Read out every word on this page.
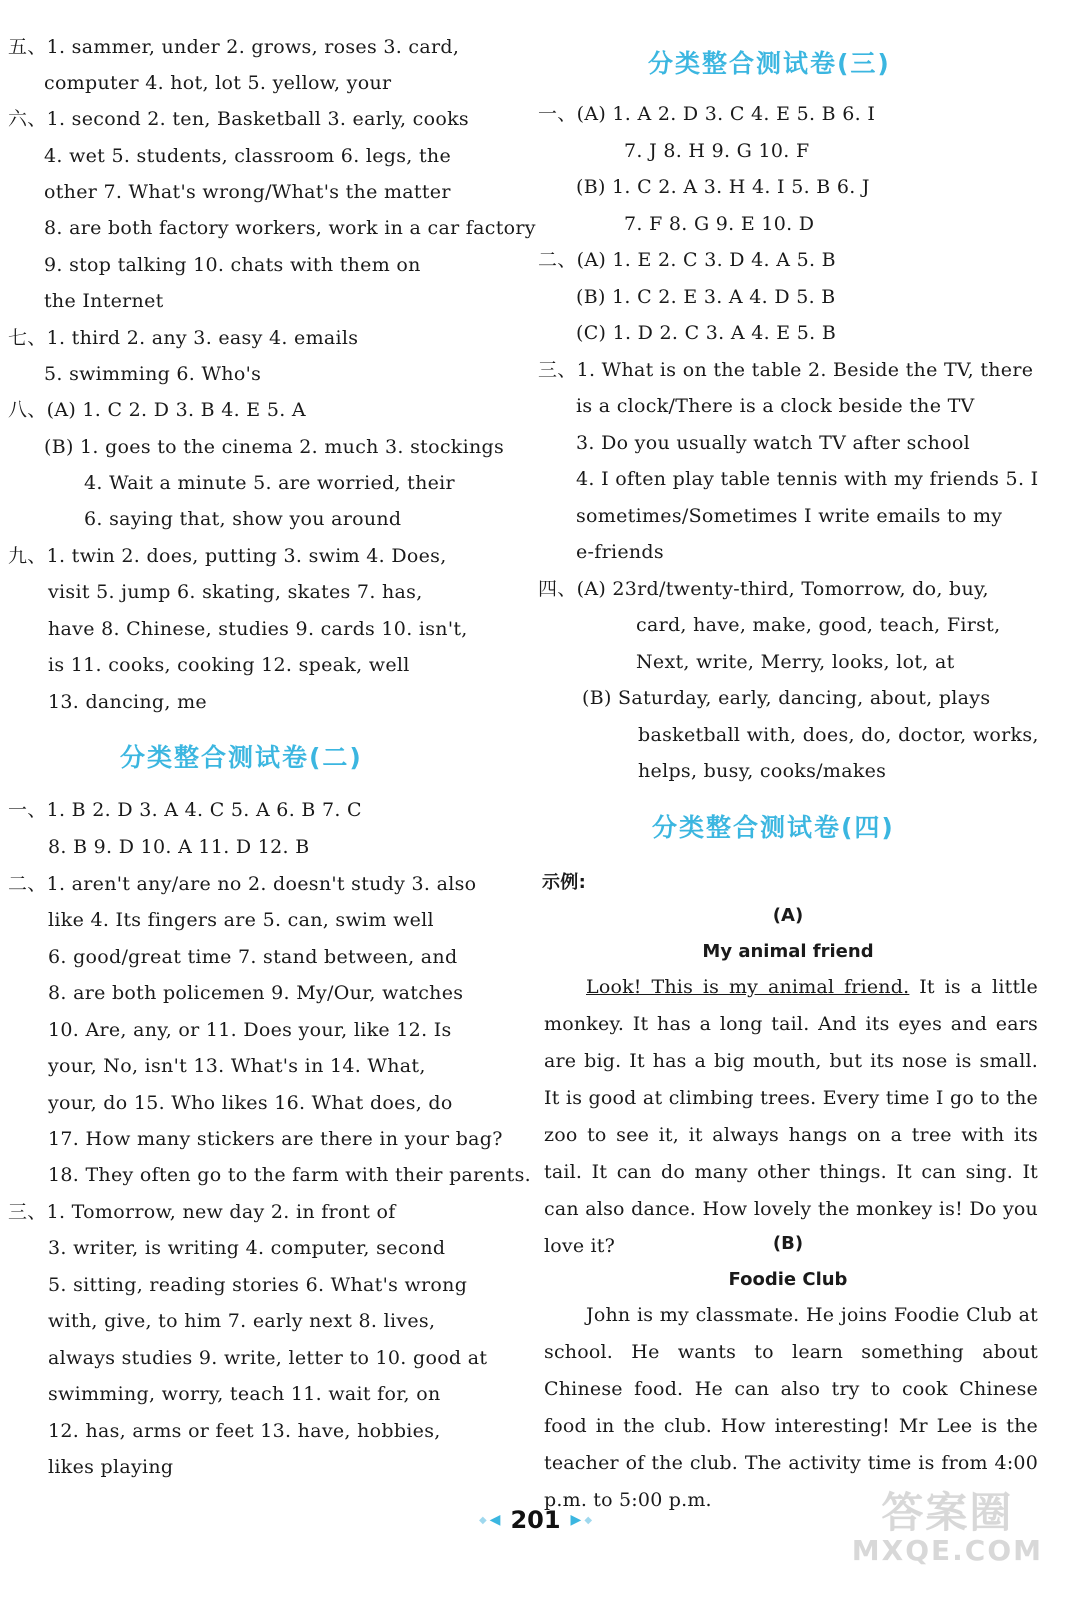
五、1. sammer, under 2. grows, roses 3. card,
computer 4. hot, lot 5. yellow, your
六、1. second 2. ten, Basketball 3. early, cooks
4. wet 5. students, classroom 6. legs, the
other 7. What's wrong/What's the matter
8. are both factory workers, work in a car factory
9. stop talking 10. chats with them on
the Internet
七、1. third 2. any 3. easy 4. emails
5. swimming 6. Who's
八、(A) 1. C 2. D 3. B 4. E 5. A
(B) 1. goes to the cinema 2. much 3. stockings
4. Wait a minute 5. are worried, their
6. saying that, show you around
九、1. twin 2. does, putting 3. swim 4. Does,
visit 5. jump 6. skating, skates 7. has,
have 8. Chinese, studies 9. cards 10. isn't,
is 11. cooks, cooking 12. speak, well
13. dancing, me
分类整合测试卷(二)
一、1. B 2. D 3. A 4. C 5. A 6. B 7. C
8. B 9. D 10. A 11. D 12. B
二、1. aren't any/are no 2. doesn't study 3. also
like 4. Its fingers are 5. can, swim well
6. good/great time 7. stand between, and
8. are both policemen 9. My/Our, watches
10. Are, any, or 11. Does your, like 12. Is
your, No, isn't 13. What's in 14. What,
your, do 15. Who likes 16. What does, do
17. How many stickers are there in your bag?
18. They often go to the farm with their parents.
三、1. Tomorrow, new day 2. in front of
3. writer, is writing 4. computer, second
5. sitting, reading stories 6. What's wrong
with, give, to him 7. early next 8. lives,
always studies 9. write, letter to 10. good at
swimming, worry, teach 11. wait for, on
12. has, arms or feet 13. have, hobbies,
likes playing
分类整合测试卷(三)
一、(A) 1. A 2. D 3. C 4. E 5. B 6. I
7. J 8. H 9. G 10. F
(B) 1. C 2. A 3. H 4. I 5. B 6. J
7. F 8. G 9. E 10. D
二、(A) 1. E 2. C 3. D 4. A 5. B
(B) 1. C 2. E 3. A 4. D 5. B
(C) 1. D 2. C 3. A 4. E 5. B
三、1. What is on the table 2. Beside the TV, there
is a clock/There is a clock beside the TV
3. Do you usually watch TV after school
4. I often play table tennis with my friends 5. I
sometimes/Sometimes I write emails to my
e-friends
四、(A) 23rd/twenty-third, Tomorrow, do, buy,
card, have, make, good, teach, First,
Next, write, Merry, looks, lot, at
(B) Saturday, early, dancing, about, plays
basketball with, does, do, doctor, works,
helps, busy, cooks/makes
分类整合测试卷(四)
示例:
(A)
My animal friend
Look! This is my animal friend. It is a little monkey. It has a long tail. And its eyes and ears are big. It has a big mouth, but its nose is small. It is good at climbing trees. Every time I go to the zoo to see it, it always hangs on a tree with its tail. It can do many other things. It can sing. It can also dance. How lovely the monkey is! Do you love it?	(B)
Foodie Club
John is my classmate. He joins Foodie Club at school. He wants to learn something about Chinese food. He can also try to cook Chinese food in the club. How interesting! Mr Lee is the teacher of the club. The activity time is from 4:00 p.m. to 5:00 p.m.
◆ ◀ 201 ▶ ◆	答案圈
MXQE.COM
